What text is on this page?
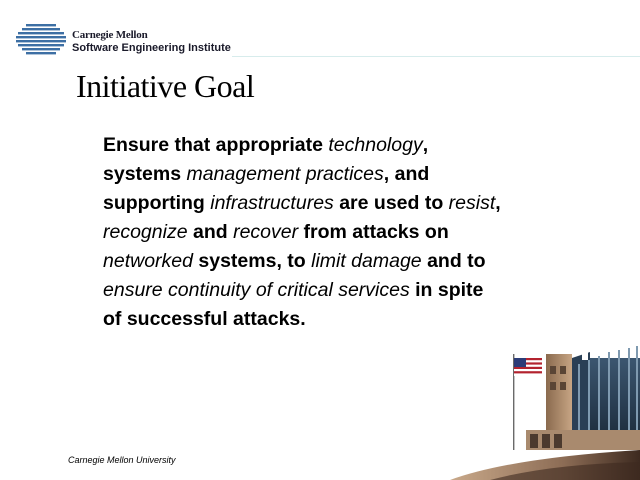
Carnegie Mellon
Software Engineering Institute
Initiative Goal
Ensure that appropriate technology,
systems management practices, and
supporting infrastructures are used to resist,
recognize and recover from attacks on
networked systems, to limit damage and to
ensure continuity of critical services in spite
of successful attacks.
Carnegie Mellon University
